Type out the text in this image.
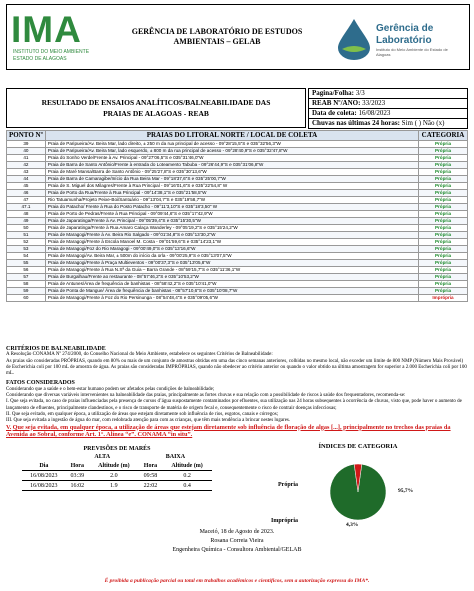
IMA
INSTITUTO DO MEIO AMBIENTE
ESTADO DE ALAGOAS
GERÊNCIA DE LABORATÓRIO DE ESTUDOS
AMBIENTAIS – GELAB
Gerência de
Laboratório
Instituto do Meio Ambiente do Estado de Alagoas
RESULTADO DE ENSAIOS ANALÍTICOS/BALNEABILIDADE DAS
PRAIAS DE ALAGOAS - REAB
Pagina/Folha: 3/3
REAB Nº/ANO: 33/2023
Data de coleta: 16/08/2023
Chuvas nas últimas 24 horas: Sim ( ) Não (x)
PONTO Nº	PRAIAS DO LITORAL NORTE / LOCAL DE COLETA	CATEGORIA
39	Praia de Paripueira/Av. Beira Mar, lado direito, ± 250 m da rua principal de acesso - 09°28'15,5"S e 035°32'56,3"W	Própria
40	Praia de Paripueira/Av. Beira Mar, lado esquerdo, ± 800 m da rua principal de acesso - 09°28'40,9"S e 035°32'47,8"W	Própria
41	Praia do Sonho Verde/Frente à Av. Principal - 09°27'06,5"S e 035°31'46,0"W	Própria
42	Praia de Barra de Santo Antônio/Frente à entrada do Loteamento Tabuba - 09°26'44,9"S e 035°31'06,8"W	Própria
43	Praia de Maré Mansa/Barra de Santo Antônio - 09°25'27,8"S e 035°30'13,6"W	Própria
44	Praia de Barra de Camaragibe/Início da Rua Beira Mar - 09°18'37,6"S e 035°25'00,7"W	Própria
45	Praia de S. Miguel dos Milagres/Frente à Rua Principal - 09°16'01,6"S e 035°22'54,8" W	Própria
46	Praia de Porto da Rua/Frente à Rua Principal - 09°14'38,1"S e 035°21'58,5"W	Própria
47	Rio Tatuamunha/Projeto Peixe-Boi/Santuário - 09°13'04,7"S e 035°19'58,7"W	Própria
47.1	Praia do Patacho/ Frente à Rua do Posto Patacho - 09°11'3,10"S e 035°18'3,50" W	Própria
48	Praia de Porto de Pedras/Frente à Rua Principal - 09°09'44,6"S e 035°17'42,9"W	Própria
49	Praia de Japaratinga/Frente à Av. Principal - 09°05'39,4"S e 035°15'30,5"W	Própria
50	Praia de Japaratinga/Frente à Rua Amaro Calaça Wanderley - 09°05'19,2"S e 035°15'24,2"W	Própria
51	Praia de Maragogi/Frente à Av. Beira Rio Salgado - 09°01'34,8"S e 035°13'30,2"W	Própria
52	Praia de Maragogi/Frente à Escola Manoel M. Costa - 09°01'59,6"S e 035°14'23,1"W	Própria
53	Praia de Maragogi/Foz do Rio Maragogi - 09°00'49,0"S e 035°13'16,6"W	Própria
54	Praia de Maragogi/Av. Beira Mar, ± 500m do início da orla - 09°00'25,9"S e 035°13'07,5"W	Própria
55	Praia de Maragogi/Frente à Praça Multieventos - 09°00'37,3"S e 035°13'05,8"W	Própria
56	Praia de Maragogi/Frente à Rua N.Sª da Guia – Barra Grande - 08°59'15,7"S e 035°11'36,1"W	Própria
57	Praia de Burgalhau/Frente ao restaurante - 08°57'46,2"S e 035°10'53,2"W	Própria
58	Praia de Antunes/Área de frequência de banhistas - 08°58'42,2"S e 035°10'41,0"W	Própria
59	Praia de Ponta de Mangue/ Área de frequência de banhistas - 08°57'10,6"S e 035°10'08,7"W	Própria
60	Praia de Maragogi/Frente à Foz do Rio Persinunga - 08°54'48,4"S e 035°09'05,6"W	Imprópria

CRITÉRIOS DE BALNEABILIDADE

A Resolução CONAMA Nº 274/2000, do Conselho Nacional do Meio Ambiente, estabelece os seguintes Critérios de Balneabilidade:

As praias são consideradas PRÓPRIAS, quando em 80% ou mais de um conjunto de amostras obtidas em uma das cinco semanas anteriores, colhidas no mesmo local, não exceder um limite de 800 NMP (Número Mais Provável) de Escherichia coli por 100 mL de amostra de água. As praias são consideradas IMPRÓPRIAS, quando não obedecer ao critério anterior ou quando o valor obtido na última amostragem for superior a 2.000 Escherichia coli por 100 mL.

FATOS CONSIDERADOS

Considerando que a saúde e o bem-estar humano podem ser afetados pelas condições de balneabilidade;

Considerando que diversas variáveis intervenientes na balneabilidade das praias, principalmente as fortes chuvas e sua relação com a possibilidade de riscos à saúde dos frequentadores, recomenda-se:

I. Que seja evitada, no caso de praias influenciadas pela presença de cursos d’água suspostamente contaminados por efluentes, sua utilização nas 24 horas subsequentes à ocorrência de chuvas, visto que, pode haver o aumento de lançamento de efluentes, principalmente clandestinos, e o risco de transporte de matéria de origem fecal e, consequentemente o risco de contrair doenças infecciosas;

II. Que seja evitado, em qualquer época, a utilização de áreas que estejam diretamente sob influência de rios, esgotos, canais e córregos;

III. Que seja evitada a ingestão de água do mar, com redobrada atenção para com as crianças, que têm mais tendência a brincar nestes lugares.

V. Que seja evitada, em qualquer época, a utilização de áreas que estejam diretamente sob influência de floração de algas [...], principalmente no trechos das praias da Avenida ao Sobral, conforme Art. 1°. Alínea “e”. CONAMA “in situ”.

PREVISÕES DE MARÉS
	ALTA		BAIXA	
Dia	Hora	Altitude (m)	Hora	Altitude (m)
16/08/2023	03:39	2.0	09:58	0.2
16/08/2023	16:02	1.9	22:02	0.4
ÍNDICES DE CATEGORIA
Própria
95,7%
Imprópria
4,3%
Maceió, 18 de Agosto de 2023.
Rosana Correia Vieira
Engenheira Química - Consultora Ambiental/GELAB
É proibida a publicação parcial ou total em trabalhos acadêmicos e científicos, sem a autorização expressa do IMA*.
